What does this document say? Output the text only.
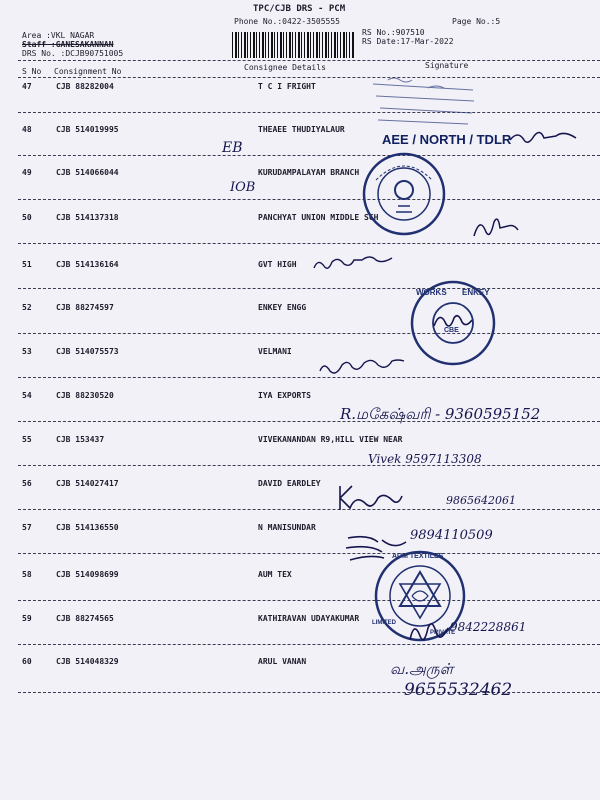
TPC/CJB DRS - PCM
Phone No.:0422-3505555	Page No.:5
Area :VKL NAGAR
Staff :GANESAKANNAN
DRS No. :DCJB90751005
RS No.:907510
RS Date:17-Mar-2022
S No Consignment No	Consignee Details	Signature
47	CJB 88282004	T C I FRIGHT
48	CJB 514019995	THEAEE THUDIYALAUR
49	CJB 514066044	KURUDAMPALAYAM BRANCH
50	CJB 514137318	PANCHYAT UNION MIDDLE SCH
51	CJB 514136164	GVT HIGH
52	CJB 88274597	ENKEY ENGG
53	CJB 514075573	VELMANI
54	CJB 88230520	IYA EXPORTS
55	CJB 153437	VIVEKANANDAN R9,HILL VIEW NEAR
56	CJB 514027417	DAVID EARDLEY
57	CJB 514136550	N MANISUNDAR
58	CJB 514098699	AUM TEX
59	CJB 88274565	KATHIRAVAN UDAYAKUMAR
60	CJB 514048329	ARUL VANAN
AEE / NORTH / TDLR
EB
IOB
WORKS ENKEY
CBE
R.மகேஷ்வரி - 9360595152
Vivek 9597113308
9865642061
9894110509
AUM TEXTILES
LIMITED
PRIVATE
9842228861
வ.அருள்
9655532462
